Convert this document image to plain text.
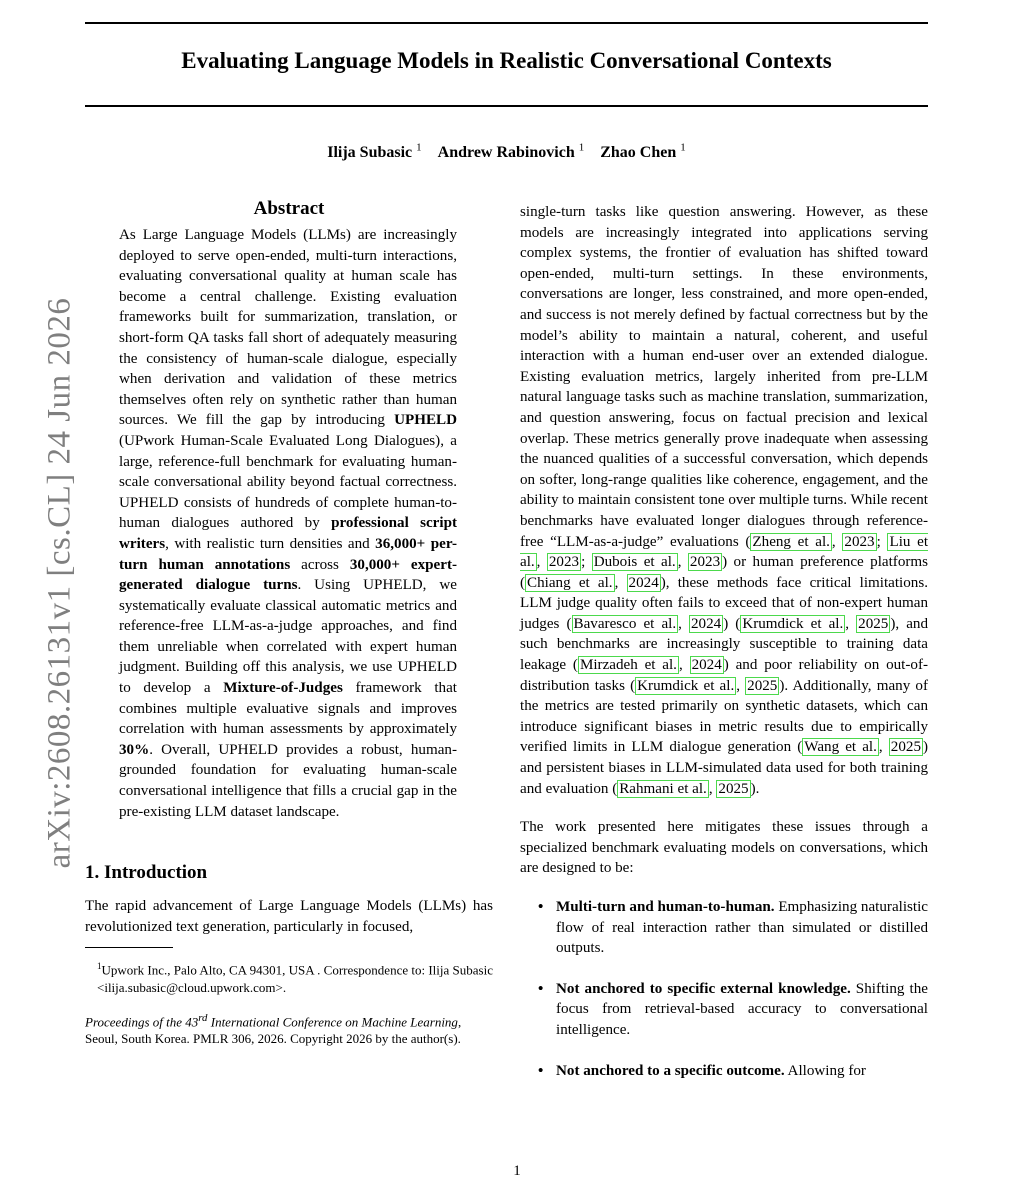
Evaluating Language Models in Realistic Conversational Contexts
Ilija Subasic $^1$ Andrew Rabinovich $^1$ Zhao Chen $^1$
arXiv:2608.26131v1 [cs.CL] 24 Jun 2026
Abstract
As Large Language Models (LLMs) are increasingly deployed to serve open-ended, multi-turn interactions, evaluating conversational quality at human scale has become a central challenge. Existing evaluation frameworks built for summarization, translation, or short-form QA tasks fall short of adequately measuring the consistency of human-scale dialogue, especially when derivation and validation of these metrics themselves often rely on synthetic rather than human sources. We fill the gap by introducing UPHELD (UPwork Human-Scale Evaluated Long Dialogues), a large, reference-full benchmark for evaluating human-scale conversational ability beyond factual correctness. UPHELD consists of hundreds of complete human-to-human dialogues authored by professional script writers, with realistic turn densities and 36,000+ per-turn human annotations across 30,000+ expert-generated dialogue turns. Using UPHELD, we systematically evaluate classical automatic metrics and reference-free LLM-as-a-judge approaches, and find them unreliable when correlated with expert human judgment. Building off this analysis, we use UPHELD to develop a Mixture-of-Judges framework that combines multiple evaluative signals and improves correlation with human assessments by approximately 30%. Overall, UPHELD provides a robust, human-grounded foundation for evaluating human-scale conversational intelligence that fills a crucial gap in the pre-existing LLM dataset landscape.
1. Introduction

The rapid advancement of Large Language Models (LLMs) has revolutionized text generation, particularly in focused,

$^1$Upwork Inc., Palo Alto, CA 94301, USA . Correspondence to: Ilija Subasic <ilija.subasic@cloud.upwork.com>.

Proceedings of the 43rd International Conference on Machine Learning, Seoul, South Korea. PMLR 306, 2026. Copyright 2026 by the author(s).

single-turn tasks like question answering. However, as these models are increasingly integrated into applications serving complex systems, the frontier of evaluation has shifted toward open-ended, multi-turn settings. In these environments, conversations are longer, less constrained, and more open-ended, and success is not merely defined by factual correctness but by the model’s ability to maintain a natural, coherent, and useful interaction with a human end-user over an extended dialogue. Existing evaluation metrics, largely inherited from pre-LLM natural language tasks such as machine translation, summarization, and question answering, focus on factual precision and lexical overlap. These metrics generally prove inadequate when assessing the nuanced qualities of a successful conversation, which depends on softer, long-range qualities like coherence, engagement, and the ability to maintain consistent tone over multiple turns. While recent benchmarks have evaluated longer dialogues through reference-free “LLM-as-a-judge” evaluations ( Zheng et al. , 2023 ; Liu et al. , 2023 ; Dubois et al. , 2023 ) or human preference platforms ( Chiang et al. , 2024 ), these methods face critical limitations. LLM judge quality often fails to exceed that of non-expert human judges ( Bavaresco et al. , 2024 ) ( Krumdick et al. , 2025 ), and such benchmarks are increasingly susceptible to training data leakage ( Mirzadeh et al. , 2024 ) and poor reliability on out-of-distribution tasks ( Krumdick et al. , 2025 ). Additionally, many of the metrics are tested primarily on synthetic datasets, which can introduce significant biases in metric results due to empirically verified limits in LLM dialogue generation ( Wang et al. , 2025 ) and persistent biases in LLM-simulated data used for both training and evaluation ( Rahmani et al. , 2025 ).

The work presented here mitigates these issues through a specialized benchmark evaluating models on conversations, which are designed to be:

• Multi-turn and human-to-human. Emphasizing naturalistic flow of real interaction rather than simulated or distilled outputs.
• Not anchored to specific external knowledge. Shifting the focus from retrieval-based accuracy to conversational intelligence.
• Not anchored to a specific outcome. Allowing for
1
